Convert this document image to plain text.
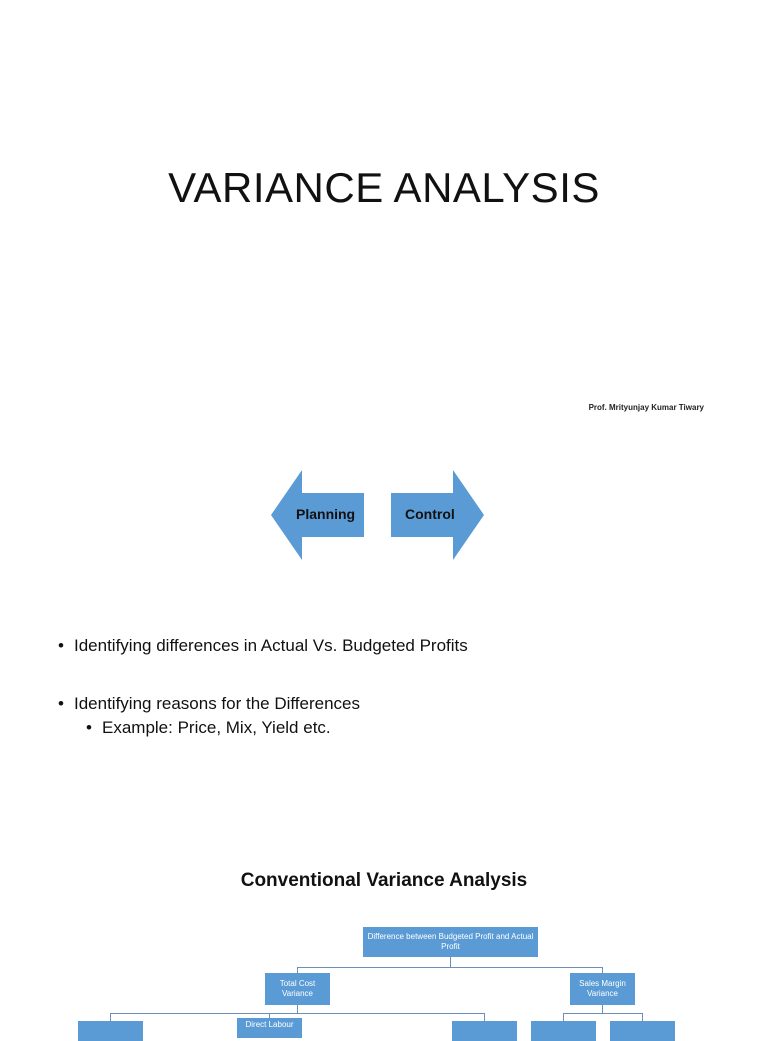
VARIANCE ANALYSIS
Prof. Mrityunjay Kumar Tiwary
Planning	Control
• Identifying differences in Actual Vs. Budgeted Profits
• Identifying reasons for the Differences
• Example: Price, Mix, Yield etc.
Conventional Variance Analysis
Difference between Budgeted Profit and Actual Profit
Total Cost Variance
Sales Margin Variance
Direct Labour
